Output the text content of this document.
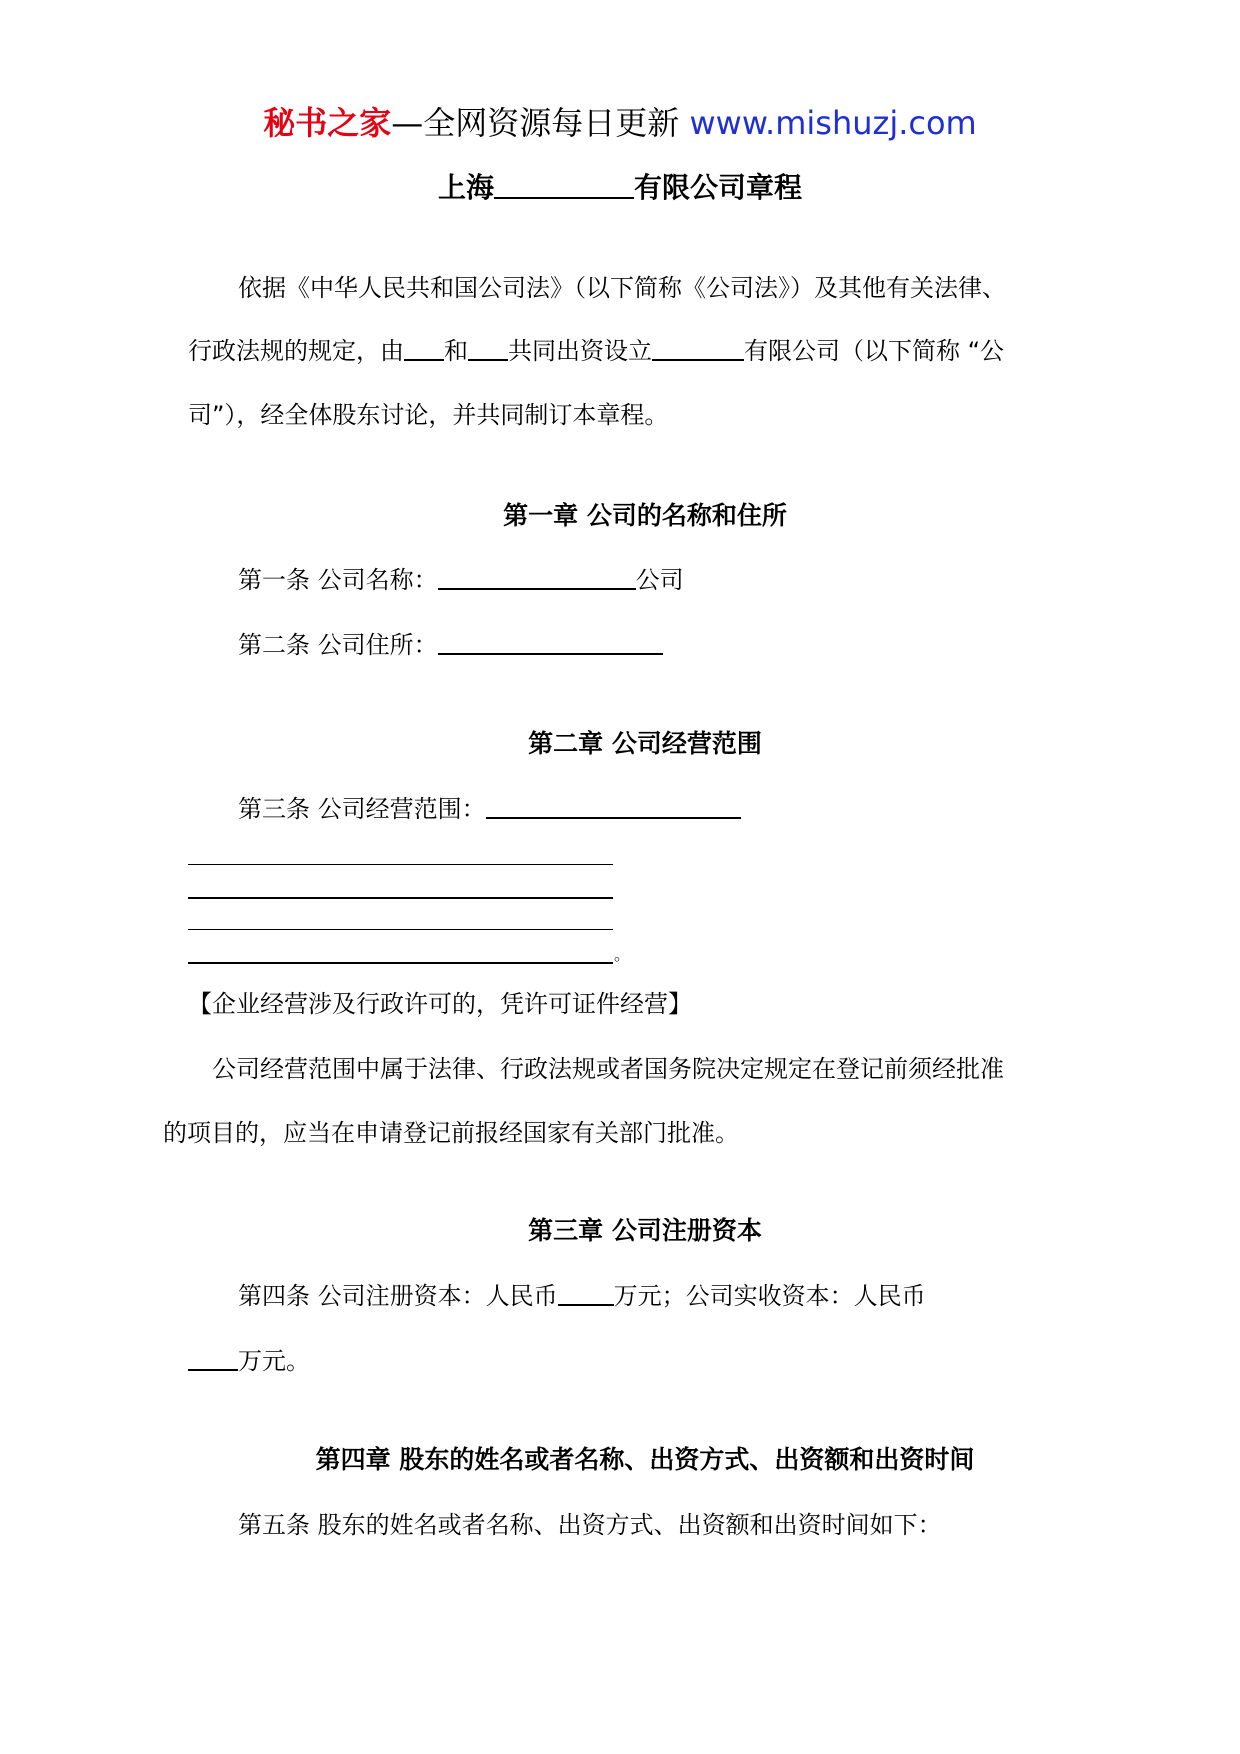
秘书之家—全网资源每日更新 www.mishuzj.com
上海	有限公司章程
依据《中华人民共和国公司法》（以下简称《公司法》）及其他有关法律、
行政法规的规定，由 和 共同出资设立	有限公司（以下简称 “公
司”），经全体股东讨论，并共同制订本章程。
第一章 公司的名称和住所
第一条 公司名称：	公司
第二条 公司住所：
第二章 公司经营范围
第三条 公司经营范围：
。
【企业经营涉及行政许可的，凭许可证件经营】
公司经营范围中属于法律、行政法规或者国务院决定规定在登记前须经批准
的项目的，应当在申请登记前报经国家有关部门批准。
第三章 公司注册资本
第四条 公司注册资本：人民币 万元；公司实收资本：人民币
万元。
第四章 股东的姓名或者名称、出资方式、出资额和出资时间
第五条 股东的姓名或者名称、出资方式、出资额和出资时间如下：
